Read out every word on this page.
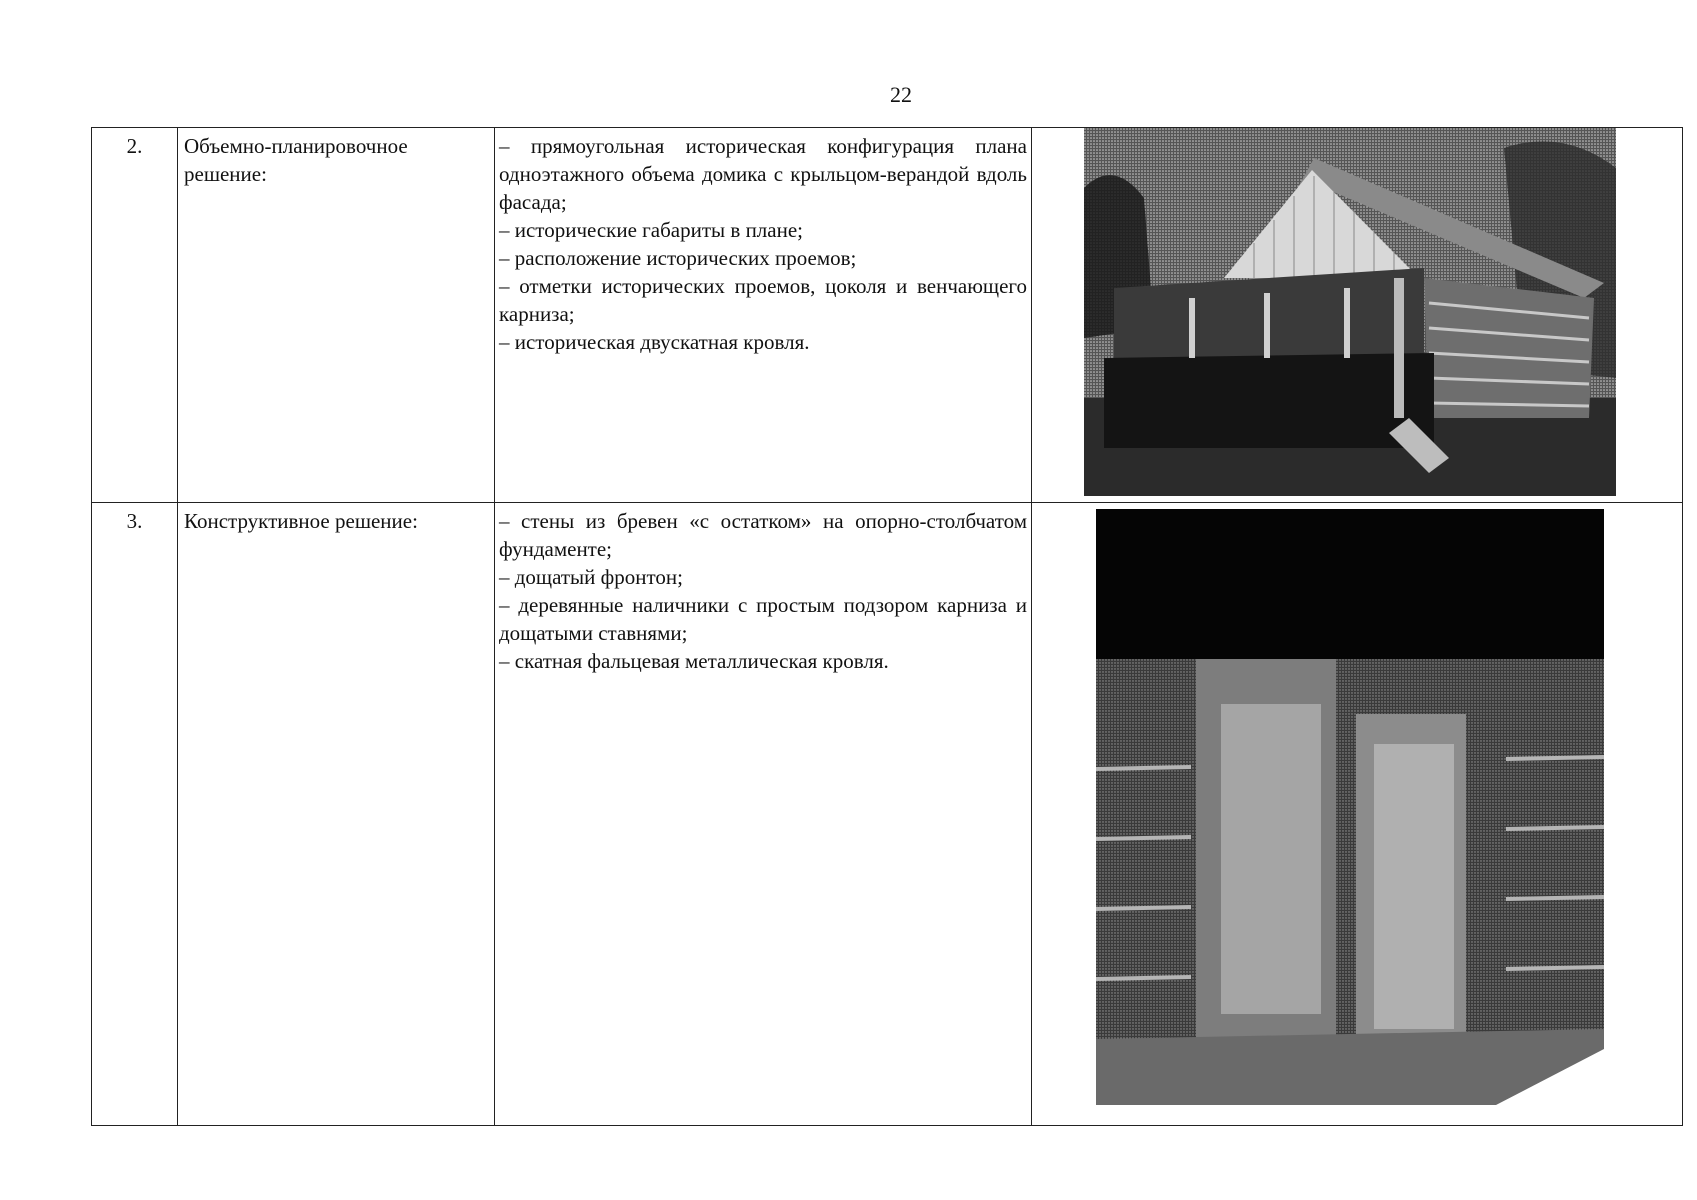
22
2.	Объемно-планировочное решение:	– прямоугольная историческая конфигурация плана одноэтажного объема домика с крыльцом-верандой вдоль фасада;

– исторические габариты в плане;

– расположение исторических проемов;

– отметки исторических проемов, цоколя и венчающего карниза;

– историческая двускатная кровля.

3.	Конструктивное решение:	– стены из бревен «с остатком» на опорно-столбчатом фундаменте;

– дощатый фронтон;

– деревянные наличники с простым подзором карниза и дощатыми ставнями;

– скатная фальцевая металлическая кровля.
